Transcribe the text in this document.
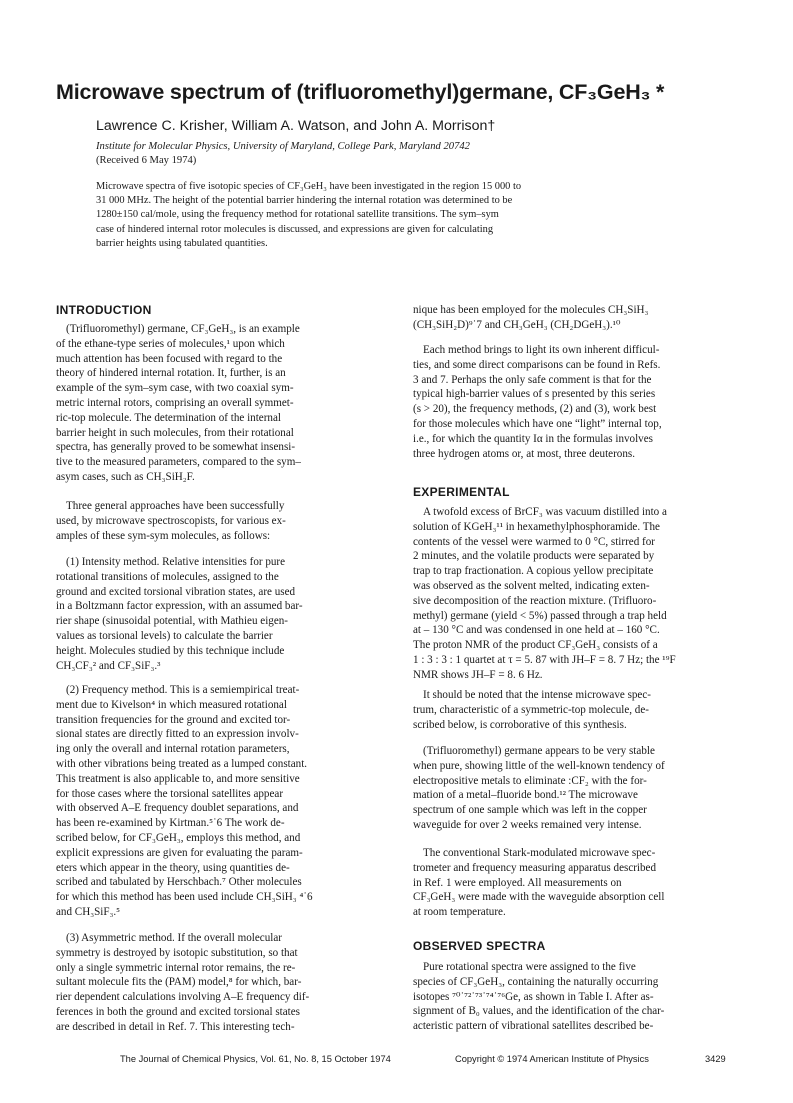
Microwave spectrum of (trifluoromethyl)germane, CF₃GeH₃ *
Lawrence C. Krisher, William A. Watson, and John A. Morrison†
Institute for Molecular Physics, University of Maryland, College Park, Maryland 20742
(Received 6 May 1974)
Microwave spectra of five isotopic species of CF₃GeH₃ have been investigated in the region 15 000 to
31 000 MHz. The height of the potential barrier hindering the internal rotation was determined to be
1280±150 cal/mole, using the frequency method for rotational satellite transitions. The sym–sym
case of hindered internal rotor molecules is discussed, and expressions are given for calculating
barrier heights using tabulated quantities.
INTRODUCTION
(Trifluoromethyl) germane, CF₃GeH₃, is an example
of the ethane-type series of molecules,¹ upon which
much attention has been focused with regard to the
theory of hindered internal rotation. It, further, is an
example of the sym–sym case, with two coaxial sym-
metric internal rotors, comprising an overall symmet-
ric-top molecule. The determination of the internal
barrier height in such molecules, from their rotational
spectra, has generally proved to be somewhat insensi-
tive to the measured parameters, compared to the sym–
asym cases, such as CH₃SiH₂F.
Three general approaches have been successfully
used, by microwave spectroscopists, for various ex-
amples of these sym-sym molecules, as follows:
(1) Intensity method. Relative intensities for pure
rotational transitions of molecules, assigned to the
ground and excited torsional vibration states, are used
in a Boltzmann factor expression, with an assumed bar-
rier shape (sinusoidal potential, with Mathieu eigen-
values as torsional levels) to calculate the barrier
height. Molecules studied by this technique include
CH₃CF₃² and CF₃SiF₃.³
(2) Frequency method. This is a semiempirical treat-
ment due to Kivelson⁴ in which measured rotational
transition frequencies for the ground and excited tor-
sional states are directly fitted to an expression involv-
ing only the overall and internal rotation parameters,
with other vibrations being treated as a lumped constant.
This treatment is also applicable to, and more sensitive
for those cases where the torsional satellites appear
with observed A–E frequency doublet separations, and
has been re-examined by Kirtman.⁵˙6 The work de-
scribed below, for CF₃GeH₃, employs this method, and
explicit expressions are given for evaluating the param-
eters which appear in the theory, using quantities de-
scribed and tabulated by Herschbach.⁷ Other molecules
for which this method has been used include CH₃SiH₃ ⁴˙6
and CH₃SiF₃.⁵
(3) Asymmetric method. If the overall molecular
symmetry is destroyed by isotopic substitution, so that
only a single symmetric internal rotor remains, the re-
sultant molecule fits the (PAM) model,⁸ for which, bar-
rier dependent calculations involving A–E frequency dif-
ferences in both the ground and excited torsional states
are described in detail in Ref. 7. This interesting tech-
nique has been employed for the molecules CH₃SiH₃
(CH₃SiH₂D)⁹˙7 and CH₃GeH₃ (CH₂DGeH₃).¹⁰
Each method brings to light its own inherent difficul-
ties, and some direct comparisons can be found in Refs.
3 and 7. Perhaps the only safe comment is that for the
typical high-barrier values of s presented by this series
(s > 20), the frequency methods, (2) and (3), work best
for those molecules which have one “light” internal top,
i.e., for which the quantity Iα in the formulas involves
three hydrogen atoms or, at most, three deuterons.
EXPERIMENTAL
A twofold excess of BrCF₃ was vacuum distilled into a
solution of KGeH₃¹¹ in hexamethylphosphoramide. The
contents of the vessel were warmed to 0 °C, stirred for
2 minutes, and the volatile products were separated by
trap to trap fractionation. A copious yellow precipitate
was observed as the solvent melted, indicating exten-
sive decomposition of the reaction mixture. (Trifluoro-
methyl) germane (yield < 5%) passed through a trap held
at – 130 °C and was condensed in one held at – 160 °C.
The proton NMR of the product CF₃GeH₃ consists of a
1 : 3 : 3 : 1 quartet at τ = 5. 87 with JH–F = 8. 7 Hz; the ¹⁹F
NMR shows JH–F = 8. 6 Hz.
It should be noted that the intense microwave spec-
trum, characteristic of a symmetric-top molecule, de-
scribed below, is corroborative of this synthesis.
(Trifluoromethyl) germane appears to be very stable
when pure, showing little of the well-known tendency of
electropositive metals to eliminate :CF₂ with the for-
mation of a metal–fluoride bond.¹² The microwave
spectrum of one sample which was left in the copper
waveguide for over 2 weeks remained very intense.
The conventional Stark-modulated microwave spec-
trometer and frequency measuring apparatus described
in Ref. 1 were employed. All measurements on
CF₃GeH₃ were made with the waveguide absorption cell
at room temperature.
OBSERVED SPECTRA
Pure rotational spectra were assigned to the five
species of CF₃GeH₃, containing the naturally occurring
isotopes ⁷⁰˙⁷²˙⁷³˙⁷⁴˙⁷⁶Ge, as shown in Table I. After as-
signment of B₀ values, and the identification of the char-
acteristic pattern of vibrational satellites described be-
The Journal of Chemical Physics, Vol. 61, No. 8, 15 October 1974	Copyright © 1974 American Institute of Physics	3429
